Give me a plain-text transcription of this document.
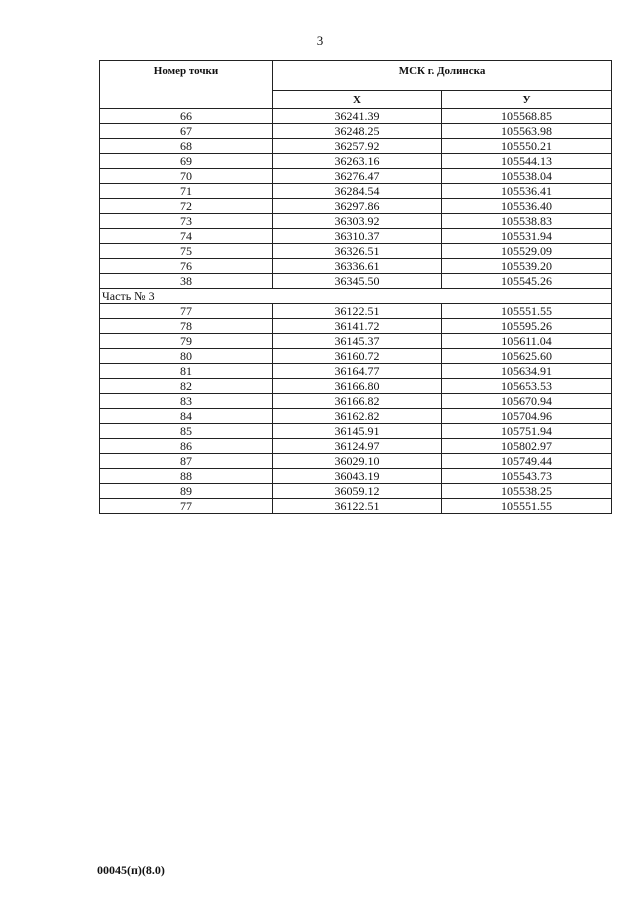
3
Номер точки	МСК г. Долинска	
	X	У
66	36241.39	105568.85
67	36248.25	105563.98
68	36257.92	105550.21
69	36263.16	105544.13
70	36276.47	105538.04
71	36284.54	105536.41
72	36297.86	105536.40
73	36303.92	105538.83
74	36310.37	105531.94
75	36326.51	105529.09
76	36336.61	105539.20
38	36345.50	105545.26
Часть № 3		
77	36122.51	105551.55
78	36141.72	105595.26
79	36145.37	105611.04
80	36160.72	105625.60
81	36164.77	105634.91
82	36166.80	105653.53
83	36166.82	105670.94
84	36162.82	105704.96
85	36145.91	105751.94
86	36124.97	105802.97
87	36029.10	105749.44
88	36043.19	105543.73
89	36059.12	105538.25
77	36122.51	105551.55
00045(п)(8.0)
